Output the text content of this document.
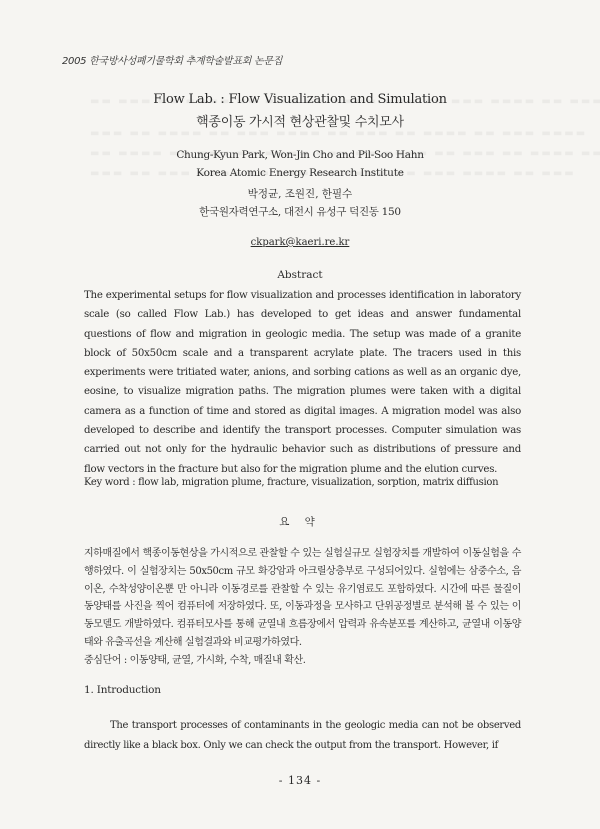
2005 한국방사성폐기물학회 추계학술발표회 논문집
Flow Lab. : Flow Visualization and Simulation
핵종이동 가시적 현상관찰및 수치모사
Chung-Kyun Park, Won-Jin Cho and Pil-Soo Hahn
Korea Atomic Energy Research Institute
박정균, 조원진, 한필수
한국원자력연구소, 대전시 유성구 덕진동 150
ckpark@kaeri.re.kr
Abstract
The experimental setups for flow visualization and processes identification in laboratory scale (so called Flow Lab.) has developed to get ideas and answer fundamental questions of flow and migration in geologic media. The setup was made of a granite block of 50x50cm scale and a transparent acrylate plate. The tracers used in this experiments were tritiated water, anions, and sorbing cations as well as an organic dye, eosine, to visualize migration paths. The migration plumes were taken with a digital camera as a function of time and stored as digital images. A migration model was also developed to describe and identify the transport processes. Computer simulation was carried out not only for the hydraulic behavior such as distributions of pressure and flow vectors in the fracture but also for the migration plume and the elution curves.
Key word : flow lab, migration plume, fracture, visualization, sorption, matrix diffusion
요 약
지하매질에서 핵종이동현상을 가시적으로 관찰할 수 있는 실험실규모 실험장치를 개발하여 이동실험을 수행하였다. 이 실험장치는 50x50cm 규모 화강암과 아크릴상층부로 구성되어있다. 실험에는 삼중수소, 음이온, 수착성양이온뿐 만 아니라 이동경로를 관찰할 수 있는 유기염료도 포함하였다. 시간에 따른 물질이동양태를 사진을 찍어 컴퓨터에 저장하였다. 또, 이동과정을 모사하고 단위공정별로 분석해 볼 수 있는 이동모델도 개발하였다. 컴퓨터모사를 통해 균열내 흐름장에서 압력과 유속분포를 계산하고, 균열내 이동양태와 유출곡선을 계산해 실험결과와 비교평가하였다.
중심단어 : 이동양태, 균열, 가시화, 수착, 매질내 확산.
1. Introduction
The transport processes of contaminants in the geologic media can not be observed directly like a black box. Only we can check the output from the transport. However, if
- 134 -
